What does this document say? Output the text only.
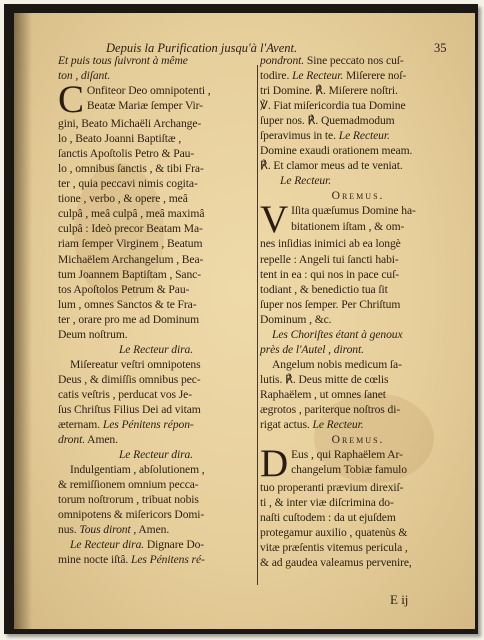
Depuis la Purification jusqu'à l'Avent.	35
Et puis tous ſuivront à même
ton , diſant.
C Onfiteor Deo omnipotenti ,
Beatæ Mariæ ſemper Vir-
gini, Beato Michaëli Archange-
lo , Beato Joanni Baptiſtæ ,
ſanctis Apoſtolis Petro & Pau-
lo , omnibus ſanctis , & tibi Fra-
ter , quia peccavi nimis cogita-
tione , verbo , & opere , meâ
culpâ , meâ culpâ , meâ maximâ
culpâ : Ideò precor Beatam Ma-
riam ſemper Virginem , Beatum
Michaëlem Archangelum , Bea-
tum Joannem Baptiſtam , Sanc-
tos Apoſtolos Petrum & Pau-
lum , omnes Sanctos & te Fra-
ter , orare pro me ad Dominum
Deum noſtrum.
Le Recteur dira.
Miſereatur veſtri omnipotens
Deus , & dimiſſis omnibus pec-
catis veſtris , perducat vos Je-
ſus Chriſtus Filius Dei ad vitam
æternam. Les Pénitens répon-
dront. Amen.
Le Recteur dira.
Indulgentiam , abſolutionem ,
& remiſſionem omnium pecca-
torum noſtrorum , tribuat nobis
omnipotens & miſericors Domi-
nus. Tous diront , Amen.
Le Recteur dira. Dignare Do-
mine nocte iſtâ. Les Pénitens ré-
pondront. Sine peccato nos cuſ-
todire. Le Recteur. Miſerere noſ-
tri Domine. ℟. Miſerere noſtri.
℣. Fiat miſericordia tua Domine
ſuper nos. ℟. Quemadmodum
ſperavimus in te. Le Recteur.
Domine exaudi orationem meam.
℟. Et clamor meus ad te veniat.
Le Recteur.
Oremus.
V Iſita quæſumus Domine ha-
bitationem iſtam , & om-
nes inſidias inimici ab ea longè
repelle : Angeli tui ſancti habi-
tent in ea : qui nos in pace cuſ-
todiant , & benedictio tua ſit
ſuper nos ſemper. Per Chriſtum
Dominum , &c.
Les Choriſtes étant à genoux
près de l'Autel , diront.
Angelum nobis medicum ſa-
lutis. ℟. Deus mitte de cœlis
Raphaëlem , ut omnes ſanet
ægrotos , pariterque noſtros di-
rigat actus. Le Recteur.
Oremus.
D Eus , qui Raphaëlem Ar-
changelum Tobiæ famulo
tuo properanti prævium direxiſ-
ti , & inter viæ diſcrimina do-
naſti cuſtodem : da ut ejuſdem
protegamur auxilio , quatenùs &
vitæ præſentis vitemus pericula ,
& ad gaudea valeamus pervenire,
E ij
